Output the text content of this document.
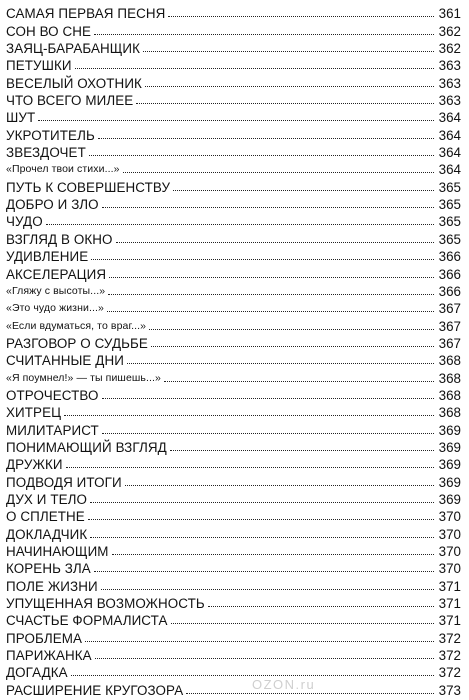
САМАЯ ПЕРВАЯ ПЕСНЯ	361
СОН ВО СНЕ	362
ЗАЯЦ-БАРАБАНЩИК	362
ПЕТУШКИ	363
ВЕСЕЛЫЙ ОХОТНИК	363
ЧТО ВСЕГО МИЛЕЕ	363
ШУТ	364
УКРОТИТЕЛЬ	364
ЗВЕЗДОЧЕТ	364
«Прочел твои стихи...»	364
ПУТЬ К СОВЕРШЕНСТВУ	365
ДОБРО И ЗЛО	365
ЧУДО	365
ВЗГЛЯД В ОКНО	365
УДИВЛЕНИЕ	366
АКСЕЛЕРАЦИЯ	366
«Гляжу с высоты...»	366
«Это чудо жизни...»	367
«Если вдуматься, то враг...»	367
РАЗГОВОР О СУДЬБЕ	367
СЧИТАННЫЕ ДНИ	368
«Я поумнел!» — ты пишешь...»	368
ОТРОЧЕСТВО	368
ХИТРЕЦ	368
МИЛИТАРИСТ	369
ПОНИМАЮЩИЙ ВЗГЛЯД	369
ДРУЖКИ	369
ПОДВОДЯ ИТОГИ	369
ДУХ И ТЕЛО	369
О СПЛЕТНЕ	370
ДОКЛАДЧИК	370
НАЧИНАЮЩИМ	370
КОРЕНЬ ЗЛА	370
ПОЛЕ ЖИЗНИ	371
УПУЩЕННАЯ ВОЗМОЖНОСТЬ	371
СЧАСТЬЕ ФОРМАЛИСТА	371
ПРОБЛЕМА	372
ПАРИЖАНКА	372
ДОГАДКА	372
РАСШИРЕНИЕ КРУГОЗОРА	373
OZON.ru
